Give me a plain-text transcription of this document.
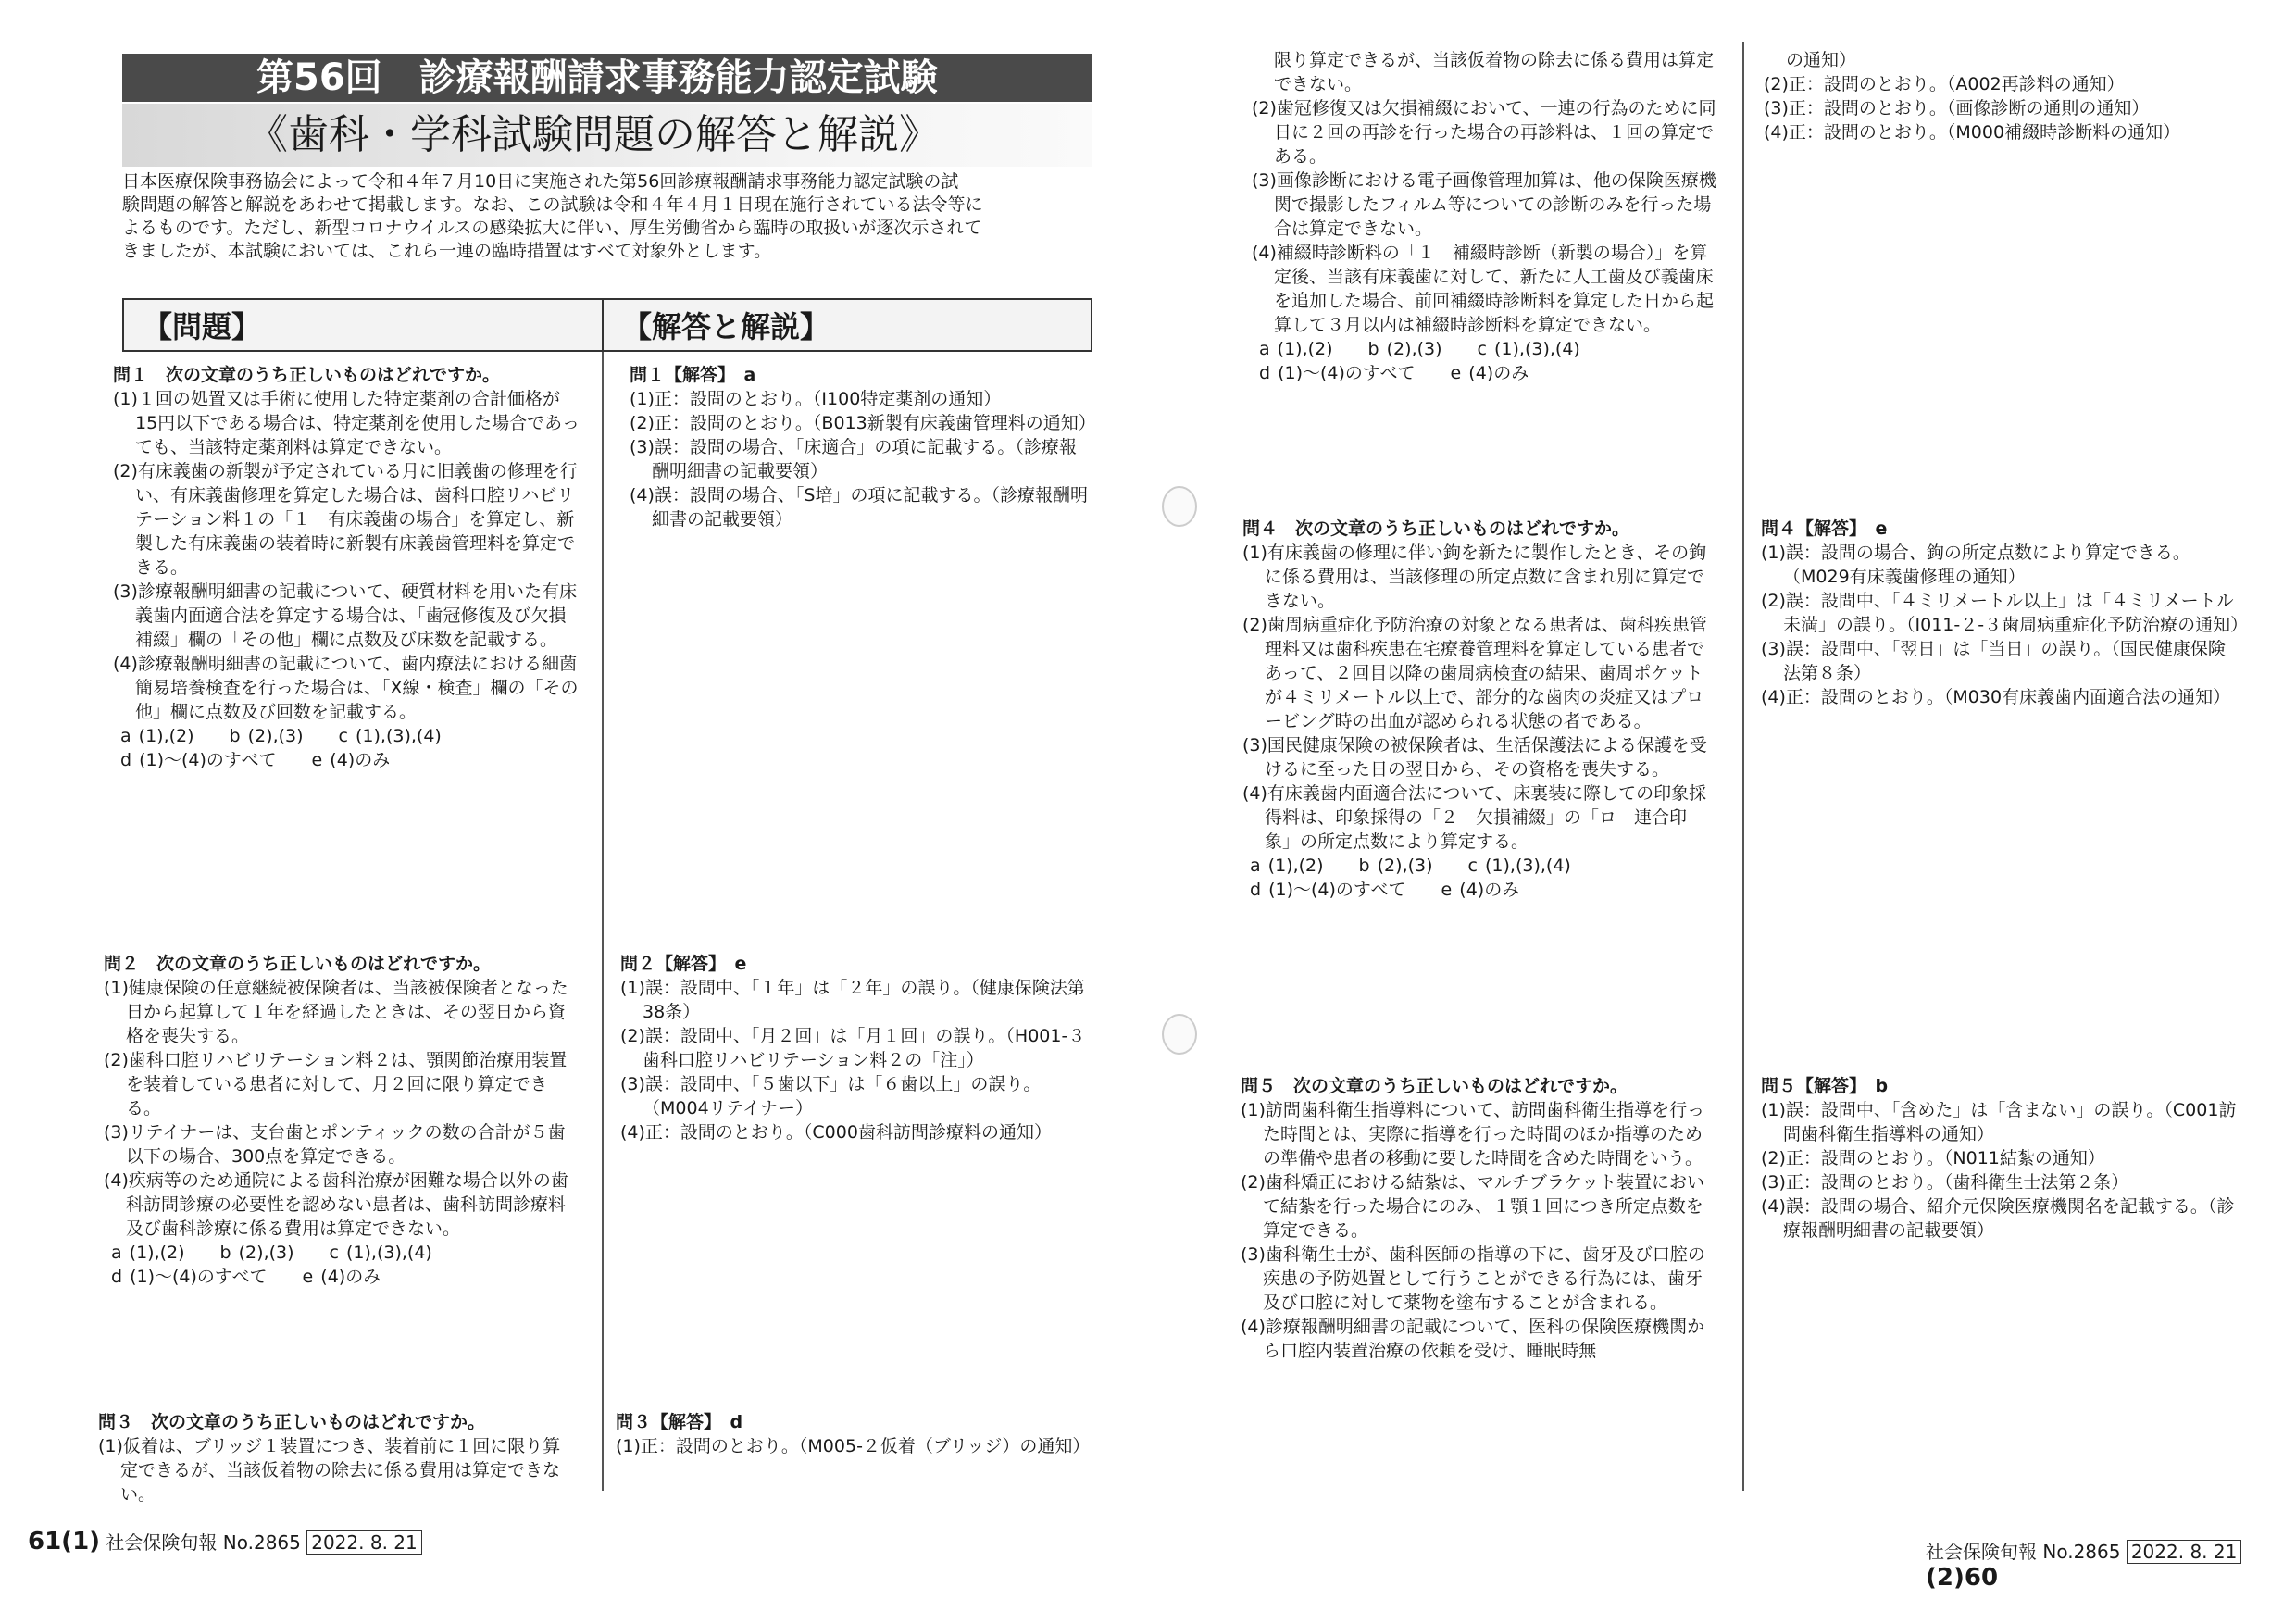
第56回　診療報酬請求事務能力認定試験
《歯科・学科試験問題の解答と解説》

日本医療保険事務協会によって令和４年７月10日に実施された第56回診療報酬請求事務能力認定試験の試

験問題の解答と解説をあわせて掲載します。なお、この試験は令和４年４月１日現在施行されている法令等に

よるものです。ただし、新型コロナウイルスの感染拡大に伴い、厚生労働省から臨時の取扱いが逐次示されて

きましたが、本試験においては、これら一連の臨時措置はすべて対象外とします。

【問題】	【解答と解説】

問１　次の文章のうち正しいものはどれですか。

(1)１回の処置又は手術に使用した特定薬剤の合計価格が15円以下である場合は、特定薬剤を使用した場合であっても、当該特定薬剤料は算定できない。

(2)有床義歯の新製が予定されている月に旧義歯の修理を行い、有床義歯修理を算定した場合は、歯科口腔リハビリテーション料１の「１　有床義歯の場合」を算定し、新製した有床義歯の装着時に新製有床義歯管理料を算定できる。

(3)診療報酬明細書の記載について、硬質材料を用いた有床義歯内面適合法を算定する場合は、「歯冠修復及び欠損補綴」欄の「その他」欄に点数及び床数を記載する。

(4)診療報酬明細書の記載について、歯内療法における細菌簡易培養検査を行った場合は、「X線・検査」欄の「その他」欄に点数及び回数を記載する。

a (1),(2)　　b (2),(3)　　c (1),(3),(4)

d (1)～(4)のすべて　　e (4)のみ

問２　次の文章のうち正しいものはどれですか。

(1)健康保険の任意継続被保険者は、当該被保険者となった日から起算して１年を経過したときは、その翌日から資格を喪失する。

(2)歯科口腔リハビリテーション料２は、顎関節治療用装置を装着している患者に対して、月２回に限り算定できる。

(3)リテイナーは、支台歯とポンティックの数の合計が５歯以下の場合、300点を算定できる。

(4)疾病等のため通院による歯科治療が困難な場合以外の歯科訪問診療の必要性を認めない患者は、歯科訪問診療料及び歯科診療に係る費用は算定できない。

a (1),(2)　　b (2),(3)　　c (1),(3),(4)

d (1)～(4)のすべて　　e (4)のみ

問３　次の文章のうち正しいものはどれですか。

(1)仮着は、ブリッジ１装置につき、装着前に１回に限り算定できるが、当該仮着物の除去に係る費用は算定できない。

限り算定できるが、当該仮着物の除去に係る費用は算定できない。

(2)歯冠修復又は欠損補綴において、一連の行為のために同日に２回の再診を行った場合の再診料は、１回の算定である。

(3)画像診断における電子画像管理加算は、他の保険医療機関で撮影したフィルム等についての診断のみを行った場合は算定できない。

(4)補綴時診断料の「１　補綴時診断（新製の場合）」を算定後、当該有床義歯に対して、新たに人工歯及び義歯床を追加した場合、前回補綴時診断料を算定した日から起算して３月以内は補綴時診断料を算定できない。

a (1),(2)　　b (2),(3)　　c (1),(3),(4)

d (1)～(4)のすべて　　e (4)のみ

問４　次の文章のうち正しいものはどれですか。

(1)有床義歯の修理に伴い鉤を新たに製作したとき、その鉤に係る費用は、当該修理の所定点数に含まれ別に算定できない。

(2)歯周病重症化予防治療の対象となる患者は、歯科疾患管理料又は歯科疾患在宅療養管理料を算定している患者であって、２回目以降の歯周病検査の結果、歯周ポケットが４ミリメートル以上で、部分的な歯肉の炎症又はプロービング時の出血が認められる状態の者である。

(3)国民健康保険の被保険者は、生活保護法による保護を受けるに至った日の翌日から、その資格を喪失する。

(4)有床義歯内面適合法について、床裏装に際しての印象採得料は、印象採得の「２　欠損補綴」の「ロ　連合印象」の所定点数により算定する。

a (1),(2)　　b (2),(3)　　c (1),(3),(4)

d (1)～(4)のすべて　　e (4)のみ

問５　次の文章のうち正しいものはどれですか。

(1)訪問歯科衛生指導料について、訪問歯科衛生指導を行った時間とは、実際に指導を行った時間のほか指導のための準備や患者の移動に要した時間を含めた時間をいう。

(2)歯科矯正における結紮は、マルチブラケット装置において結紮を行った場合にのみ、１顎１回につき所定点数を算定できる。

(3)歯科衛生士が、歯科医師の指導の下に、歯牙及び口腔の疾患の予防処置として行うことができる行為には、歯牙及び口腔に対して薬物を塗布することが含まれる。

(4)診療報酬明細書の記載について、医科の保険医療機関から口腔内装置治療の依頼を受け、睡眠時無

問１【解答】　a

(1)正：設問のとおり。（I100特定薬剤の通知）

(2)正：設問のとおり。（B013新製有床義歯管理料の通知）

(3)誤：設問の場合、「床適合」の項に記載する。（診療報酬明細書の記載要領）

(4)誤：設問の場合、「S培」の項に記載する。（診療報酬明細書の記載要領）

問２【解答】　e

(1)誤：設問中、「１年」は「２年」の誤り。（健康保険法第38条）

(2)誤：設問中、「月２回」は「月１回」の誤り。（H001-３ 歯科口腔リハビリテーション料２の「注」）

(3)誤：設問中、「５歯以下」は「６歯以上」の誤り。（M004リテイナー）

(4)正：設問のとおり。（C000歯科訪問診療料の通知）

問３【解答】　d

(1)正：設問のとおり。（M005-２仮着（ブリッジ）の通知）

の通知）

(2)正：設問のとおり。（A002再診料の通知）

(3)正：設問のとおり。（画像診断の通則の通知）

(4)正：設問のとおり。（M000補綴時診断料の通知）

問４【解答】　e

(1)誤：設問の場合、鉤の所定点数により算定できる。（M029有床義歯修理の通知）

(2)誤：設問中、「４ミリメートル以上」は「４ミリメートル未満」の誤り。（I011-２-３歯周病重症化予防治療の通知）

(3)誤：設問中、「翌日」は「当日」の誤り。（国民健康保険法第８条）

(4)正：設問のとおり。（M030有床義歯内面適合法の通知）

問５【解答】　b

(1)誤：設問中、「含めた」は「含まない」の誤り。（C001訪問歯科衛生指導料の通知）

(2)正：設問のとおり。（N011結紮の通知）

(3)正：設問のとおり。（歯科衛生士法第２条）

(4)誤：設問の場合、紹介元保険医療機関名を記載する。（診療報酬明細書の記載要領）

61(1) 社会保険旬報 No.2865 2022. 8. 21	社会保険旬報 No.2865 2022. 8. 21 (2)60
